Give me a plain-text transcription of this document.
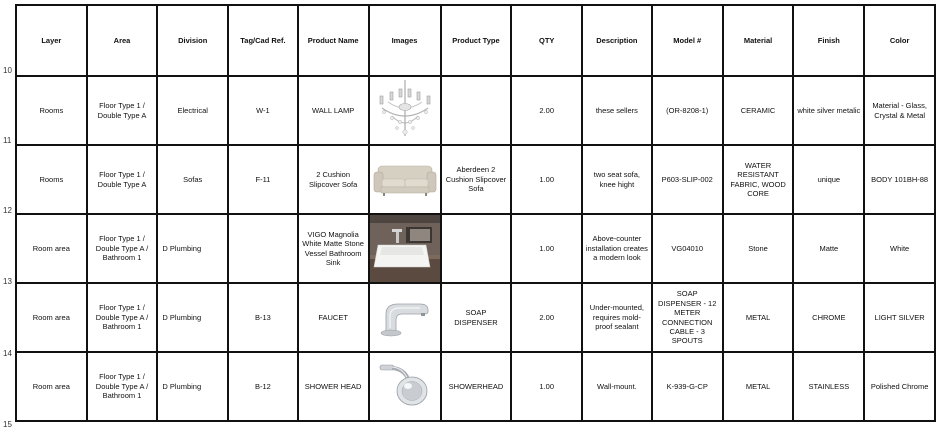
10
11
12
13
14
15
Layer	Area	Division	Tag/Cad Ref.	Product Name	Images	Product Type	QTY	Description	Model #	Material	Finish	Color
Rooms	Floor Type 1 / Double Type A	Electrical	W-1	WALL LAMP			2.00	these sellers	(OR-8208-1)	CERAMIC	white silver metalic	Material - Glass, Crystal & Metal
Rooms	Floor Type 1 / Double Type A	Sofas	F-11	2 Cushion Slipcover Sofa		Aberdeen 2 Cushion Slipcover Sofa	1.00	two seat sofa, knee hight	P603-SLIP-002	WATER RESISTANT FABRIC, WOOD CORE	unique	BODY 101BH-88
Room area	Floor Type 1 / Double Type A / Bathroom 1	D Plumbing		VIGO Magnolia White Matte Stone Vessel Bathroom Sink			1.00	Above-counter installation creates a modern look	VG04010	Stone	Matte	White
Room area	Floor Type 1 / Double Type A / Bathroom 1	D Plumbing	B-13	FAUCET		SOAP DISPENSER	2.00	Under-mounted, requires mold-proof sealant	SOAP DISPENSER - 12 METER CONNECTION CABLE - 3 SPOUTS	METAL	CHROME	LIGHT SILVER
Room area	Floor Type 1 / Double Type A / Bathroom 1	D Plumbing	B-12	SHOWER HEAD		SHOWERHEAD	1.00	Wall-mount.	K-939-G-CP	METAL	STAINLESS	Polished Chrome
